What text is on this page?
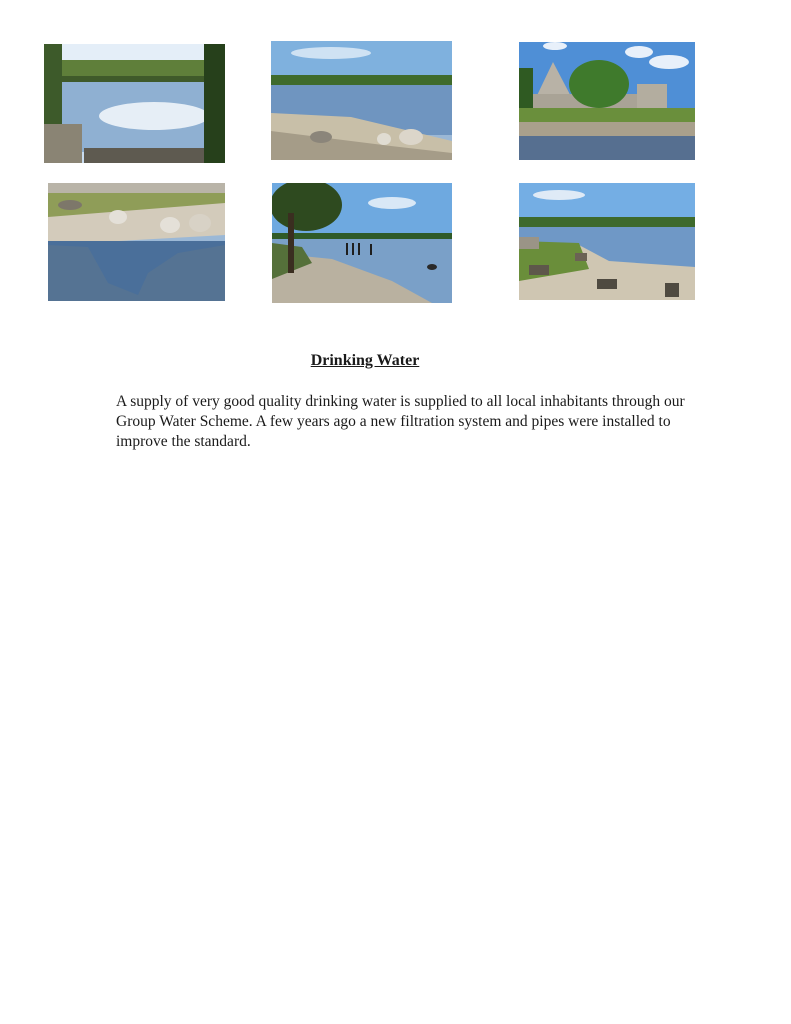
Drinking Water

A supply of very good quality drinking water is supplied to all local inhabitants through our Group Water Scheme. A few years ago a new filtration system and pipes were installed to improve the standard.
